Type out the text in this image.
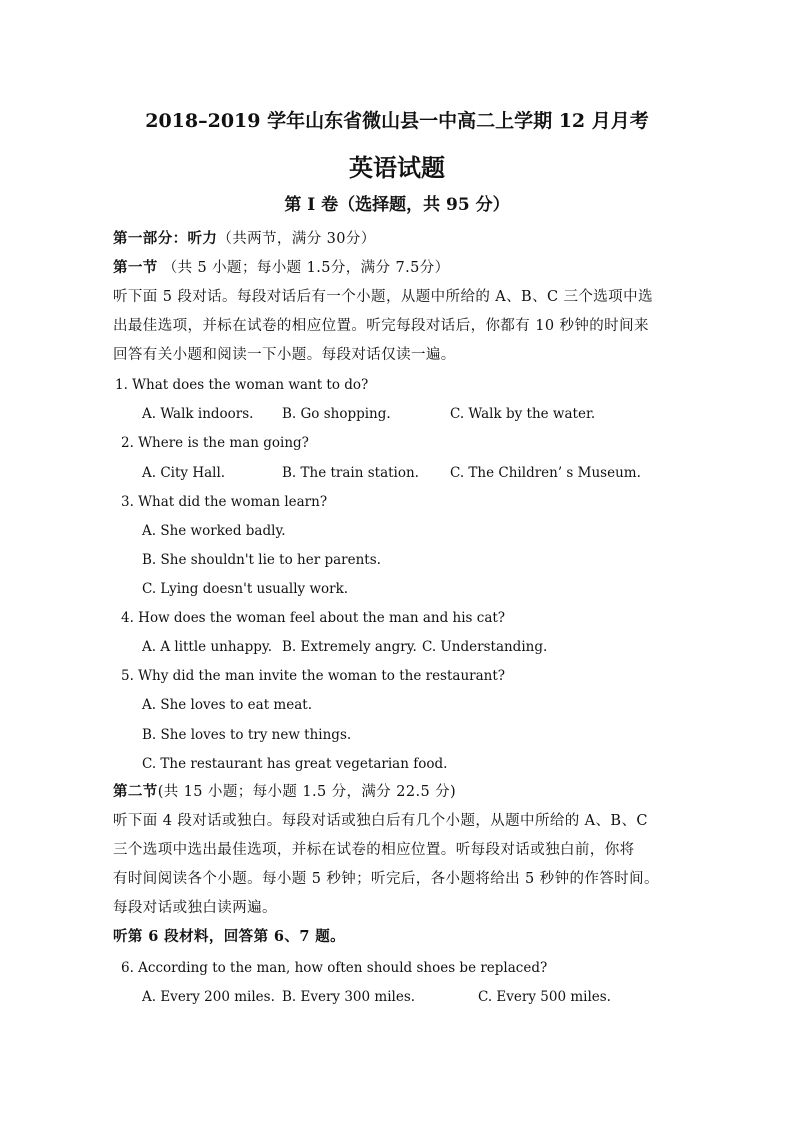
2018–2019 学年山东省微山县一中高二上学期 12 月月考
英语试题
第 I 卷（选择题，共 95 分）
第一部分：听力（共两节，满分 30分）
第一节 （共 5 小题；每小题 1.5分，满分 7.5分）
听下面 5 段对话。每段对话后有一个小题，从题中所给的 A、B、C 三个选项中选
出最佳选项，并标在试卷的相应位置。听完每段对话后，你都有 10 秒钟的时间来
回答有关小题和阅读一下小题。每段对话仅读一遍。
1. What does the woman want to do?
A. Walk indoors. B. Go shopping.	C. Walk by the water.
2. Where is the man going?
A. City Hall.	B. The train station. C. The Children’ s Museum.
3. What did the woman learn?
A. She worked badly.
B. She shouldn't lie to her parents.
C. Lying doesn't usually work.
4. How does the woman feel about the man and his cat?
A. A little unhappy. B. Extremely angry. C. Understanding.
5. Why did the man invite the woman to the restaurant?
A. She loves to eat meat.
B. She loves to try new things.
C. The restaurant has great vegetarian food.
第二节(共 15 小题；每小题 1.5 分，满分 22.5 分)
听下面 4 段对话或独白。每段对话或独白后有几个小题，从题中所给的 A、B、C
三个选项中选出最佳选项，并标在试卷的相应位置。听每段对话或独白前，你将
有时间阅读各个小题。每小题 5 秒钟；听完后，各小题将给出 5 秒钟的作答时间。
每段对话或独白读两遍。
听第 6 段材料，回答第 6、7 题。
6. According to the man, how often should shoes be replaced?
A. Every 200 miles. B. Every 300 miles.	C. Every 500 miles.
